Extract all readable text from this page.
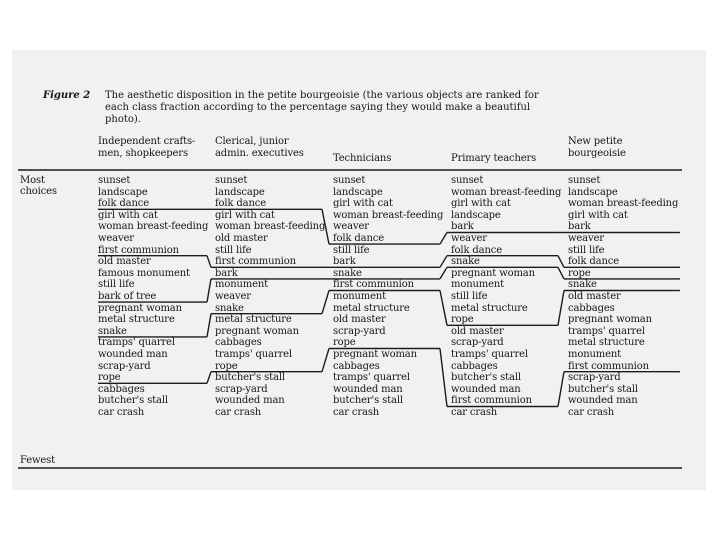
Figure 2 The aesthetic disposition in the petite bourgeoisie (the various objects are ranked for
each class fraction according to the percentage saying they would make a beautiful
photo).
Most
choices
Fewest
Independent crafts-
men, shopkeepers
sunset
landscape
folk dance
girl with cat
woman breast-feeding
weaver
first communion
old master
famous monument
still life
bark of tree
pregnant woman
metal structure
snake
tramps' quarrel
wounded man
scrap-yard
rope
cabbages
butcher's stall
car crash
Clerical, junior
admin. executives
sunset
landscape
folk dance
girl with cat
woman breast-feeding
old master
still life
first communion
bark
monument
weaver
snake
metal structure
pregnant woman
cabbages
tramps' quarrel
rope
butcher's stall
scrap-yard
wounded man
car crash
Technicians
sunset
landscape
girl with cat
woman breast-feeding
weaver
folk dance
still life
bark
snake
first communion
monument
metal structure
old master
scrap-yard
rope
pregnant woman
cabbages
tramps' quarrel
wounded man
butcher's stall
car crash
Primary teachers
sunset
woman breast-feeding
girl with cat
landscape
bark
weaver
folk dance
snake
pregnant woman
monument
still life
metal structure
rope
old master
scrap-yard
tramps' quarrel
cabbages
butcher's stall
wounded man
first communion
car crash
New petite
bourgeoisie
sunset
landscape
woman breast-feeding
girl with cat
bark
weaver
still life
folk dance
rope
snake
old master
cabbages
pregnant woman
tramps' quarrel
metal structure
monument
first communion
scrap-yard
butcher's stall
wounded man
car crash
